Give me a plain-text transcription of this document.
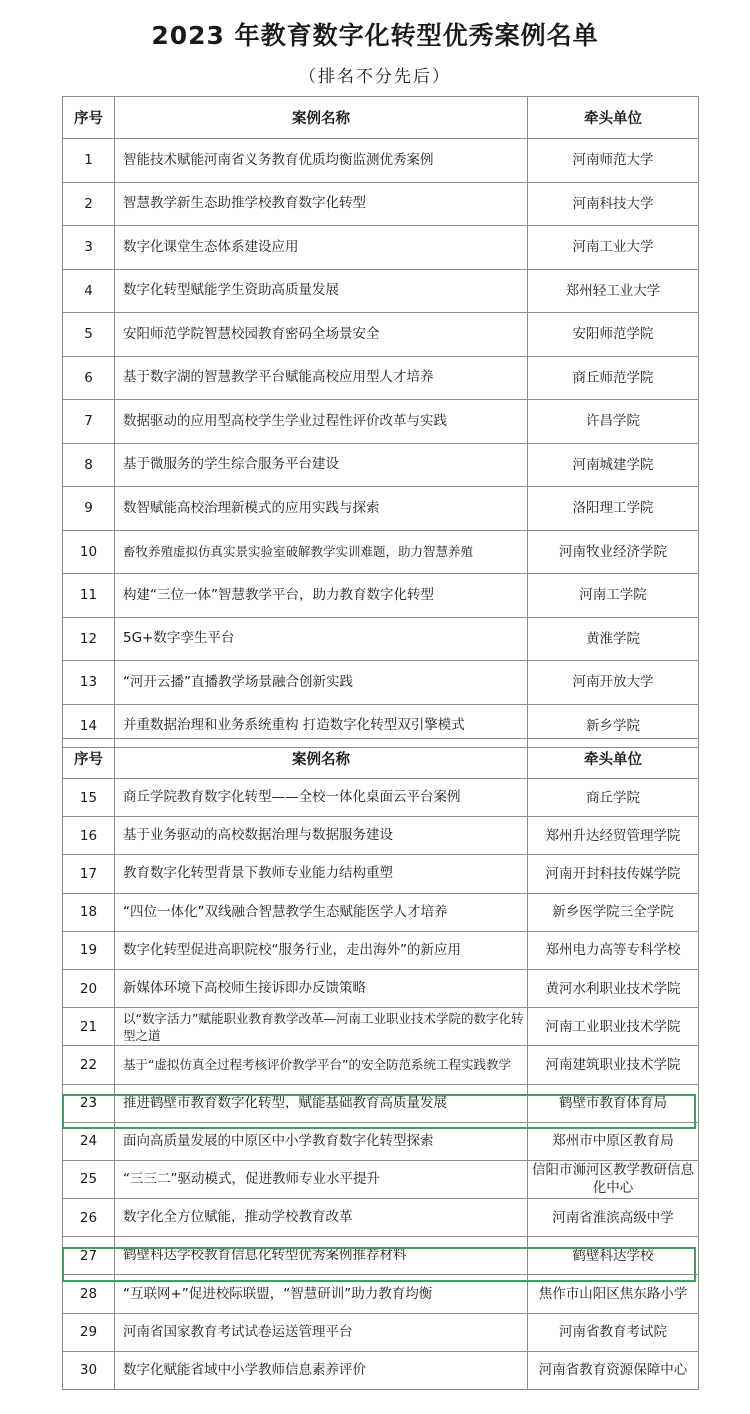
2023 年教育数字化转型优秀案例名单
（排名不分先后）
序号	案例名称	牵头单位
1	智能技术赋能河南省义务教育优质均衡监测优秀案例	河南师范大学
2	智慧教学新生态助推学校教育数字化转型	河南科技大学
3	数字化课堂生态体系建设应用	河南工业大学
4	数字化转型赋能学生资助高质量发展	郑州轻工业大学
5	安阳师范学院智慧校园教育密码全场景安全	安阳师范学院
6	基于数字湖的智慧教学平台赋能高校应用型人才培养	商丘师范学院
7	数据驱动的应用型高校学生学业过程性评价改革与实践	许昌学院
8	基于微服务的学生综合服务平台建设	河南城建学院
9	数智赋能高校治理新模式的应用实践与探索	洛阳理工学院
10	畜牧养殖虚拟仿真实景实验室破解教学实训难题，助力智慧养殖	河南牧业经济学院
11	构建“三位一体”智慧教学平台，助力教育数字化转型	河南工学院
12	5G+数字孪生平台	黄淮学院
13	“河开云播”直播教学场景融合创新实践	河南开放大学
14	并重数据治理和业务系统重构 打造数字化转型双引擎模式	新乡学院
序号	案例名称	牵头单位
15	商丘学院教育数字化转型——全校一体化桌面云平台案例	商丘学院
16	基于业务驱动的高校数据治理与数据服务建设	郑州升达经贸管理学院
17	教育数字化转型背景下教师专业能力结构重塑	河南开封科技传媒学院
18	“四位一体化”双线融合智慧教学生态赋能医学人才培养	新乡医学院三全学院
19	数字化转型促进高职院校“服务行业，走出海外”的新应用	郑州电力高等专科学校
20	新媒体环境下高校师生接诉即办反馈策略	黄河水利职业技术学院
21	以“数字活力”赋能职业教育教学改革—河南工业职业技术学院的数字化转型之道	河南工业职业技术学院
22	基于“虚拟仿真全过程考核评价教学平台”的安全防范系统工程实践教学	河南建筑职业技术学院
23	推进鹤壁市教育数字化转型，赋能基础教育高质量发展	鹤壁市教育体育局
24	面向高质量发展的中原区中小学教育数字化转型探索	郑州市中原区教育局
25	“三三二”驱动模式，促进教师专业水平提升	信阳市浉河区教学教研信息化中心
26	数字化全方位赋能，推动学校教育改革	河南省淮滨高级中学
27	鹤壁科达学校教育信息化转型优秀案例推荐材料	鹤壁科达学校
28	“互联网+”促进校际联盟，“智慧研训”助力教育均衡	焦作市山阳区焦东路小学
29	河南省国家教育考试试卷运送管理平台	河南省教育考试院
30	数字化赋能省域中小学教师信息素养评价	河南省教育资源保障中心
